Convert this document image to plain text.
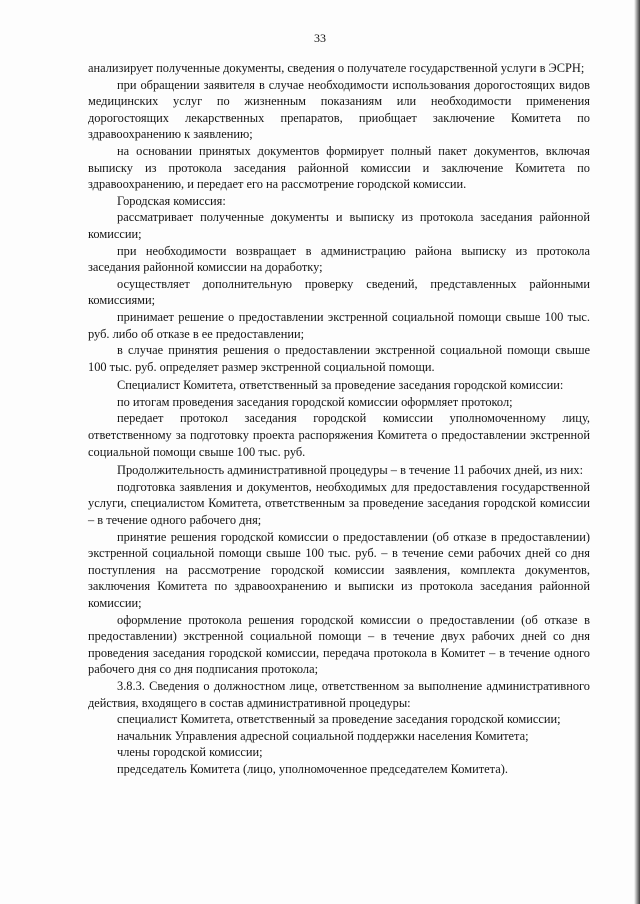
33

анализирует полученные документы, сведения о получателе государственной услуги в ЭСРН;

при обращении заявителя в случае необходимости использования дорогостоящих видов медицинских услуг по жизненным показаниям или необходимости применения дорогостоящих лекарственных препаратов, приобщает заключение Комитета по здравоохранению к заявлению;

на основании принятых документов формирует полный пакет документов, включая выписку из протокола заседания районной комиссии и заключение Комитета по здравоохранению, и передает его на рассмотрение городской комиссии.

Городская комиссия:

рассматривает полученные документы и выписку из протокола заседания районной комиссии;

при необходимости возвращает в администрацию района выписку из протокола заседания районной комиссии на доработку;

осуществляет дополнительную проверку сведений, представленных районными комиссиями;

принимает решение о предоставлении экстренной социальной помощи свыше 100 тыс. руб. либо об отказе в ее предоставлении;

в случае принятия решения о предоставлении экстренной социальной помощи свыше 100 тыс. руб. определяет размер экстренной социальной помощи.

Специалист Комитета, ответственный за проведение заседания городской комиссии:

по итогам проведения заседания городской комиссии оформляет протокол;

передает протокол заседания городской комиссии уполномоченному лицу, ответственному за подготовку проекта распоряжения Комитета о предоставлении экстренной социальной помощи свыше 100 тыс. руб.

Продолжительность административной процедуры – в течение 11 рабочих дней, из них:

подготовка заявления и документов, необходимых для предоставления государственной услуги, специалистом Комитета, ответственным за проведение заседания городской комиссии – в течение одного рабочего дня;

принятие решения городской комиссии о предоставлении (об отказе в предоставлении) экстренной социальной помощи свыше 100 тыс. руб. – в течение семи рабочих дней со дня поступления на рассмотрение городской комиссии заявления, комплекта документов, заключения Комитета по здравоохранению и выписки из протокола заседания районной комиссии;

оформление протокола решения городской комиссии о предоставлении (об отказе в предоставлении) экстренной социальной помощи – в течение двух рабочих дней со дня проведения заседания городской комиссии, передача протокола в Комитет – в течение одного рабочего дня со дня подписания протокола;

3.8.3. Сведения о должностном лице, ответственном за выполнение административного действия, входящего в состав административной процедуры:

специалист Комитета, ответственный за проведение заседания городской комиссии;

начальник Управления адресной социальной поддержки населения Комитета;

члены городской комиссии;

председатель Комитета (лицо, уполномоченное председателем Комитета).
